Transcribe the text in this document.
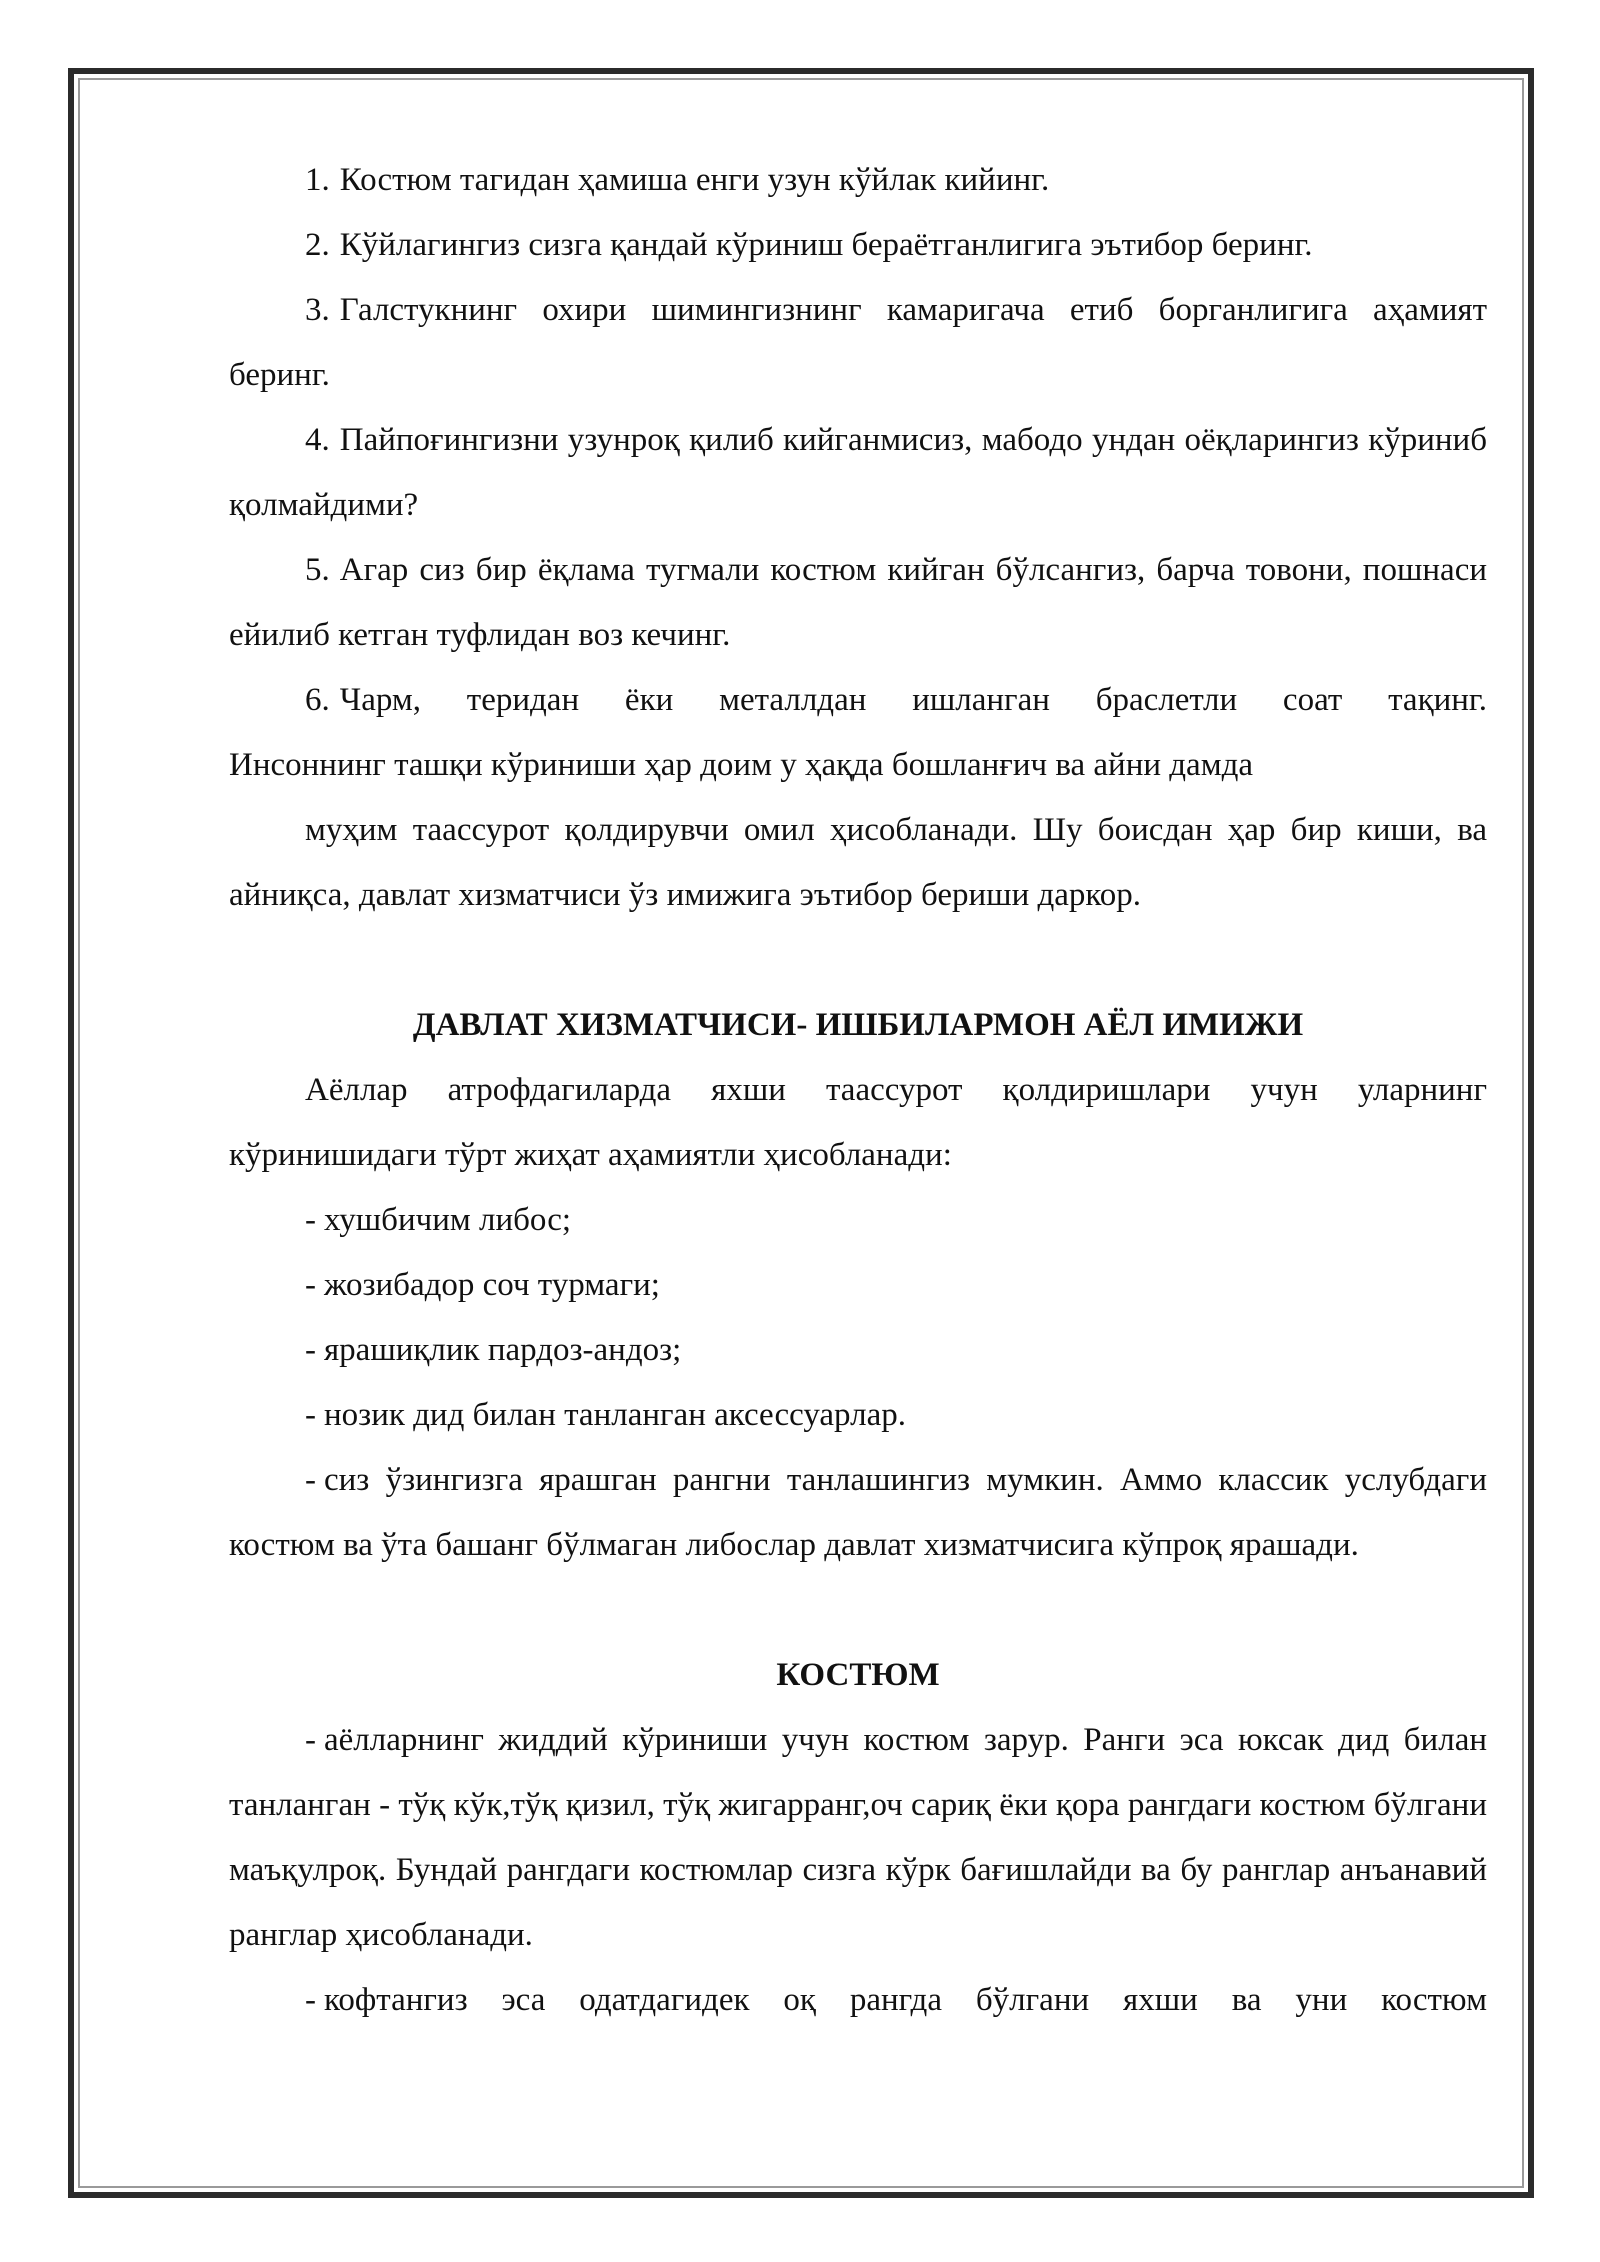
1. Костюм тагидан ҳамиша енги узун кўйлак кийинг.

2. Кўйлагингиз сизга қандай кўриниш бераётганлигига эътибор беринг.

3. Галстукнинг охири шимингизнинг камаригача етиб борганлигига аҳамият беринг.

4. Пайпоғингизни узунроқ қилиб кийганмисиз, мабодо ундан оёқларингиз кўриниб қолмайдими?

5. Агар сиз бир ёқлама тугмали костюм кийган бўлсангиз, барча товони, пошнаси ейилиб кетган туфлидан воз кечинг.

6. Чарм, теридан ёки металлдан ишланган браслетли соат тақинг.

Инсоннинг ташқи кўриниши ҳар доим у ҳақда бошланғич ва айни дамда

муҳим таассурот қолдирувчи омил ҳисобланади. Шу боисдан ҳар бир киши, ва айниқса, давлат хизматчиси ўз имижига эътибор бериши даркор.

ДАВЛАТ ХИЗМАТЧИСИ- ИШБИЛАРМОН АЁЛ ИМИЖИ

Аёллар атрофдагиларда яхши таассурот қолдиришлари учун уларнинг кўринишидаги тўрт жиҳат аҳамиятли ҳисобланади:

- хушбичим либос;

- жозибадор соч турмаги;

- ярашиқлик пардоз-андоз;

- нозик дид билан танланган аксессуарлар.

- сиз ўзингизга ярашган рангни танлашингиз мумкин. Аммо классик услубдаги костюм ва ўта башанг бўлмаган либослар давлат хизматчисига кўпроқ ярашади.

КОСТЮМ

- аёлларнинг жиддий кўриниши учун костюм зарур. Ранги эса юксак дид билан танланган - тўқ кўк,тўқ қизил, тўқ жигарранг,оч сариқ ёки қора рангдаги костюм бўлгани маъқулроқ. Бундай рангдаги костюмлар сизга кўрк бағишлайди ва бу ранглар анъанавий ранглар ҳисобланади.

- кофтангиз эса одатдагидек оқ рангда бўлгани яхши ва уни костюм
